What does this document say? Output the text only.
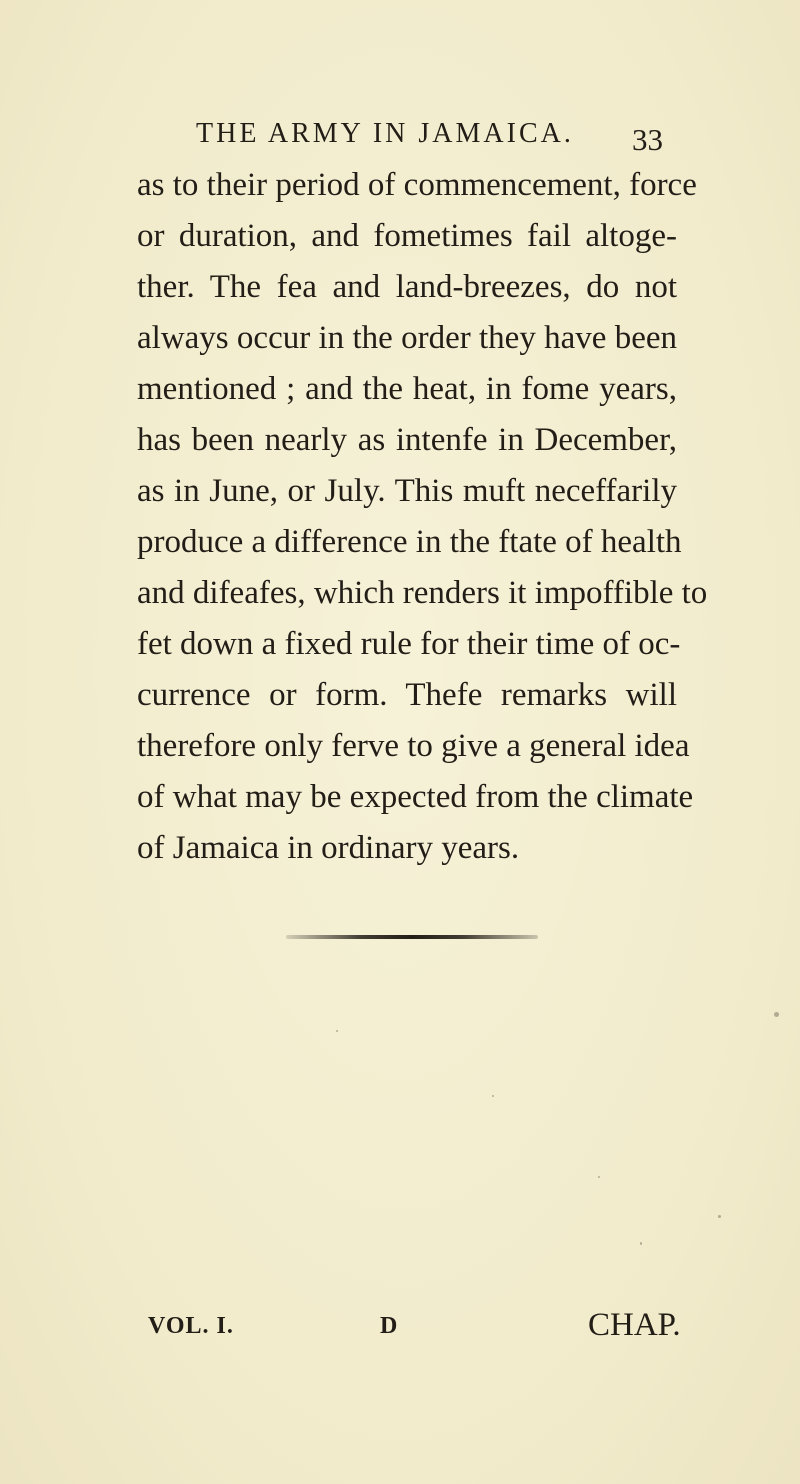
THE ARMY IN JAMAICA. 33
as to their period of commencement, force
or duration, and fometimes fail altoge-
ther. The fea and land-breezes, do not
always occur in the order they have been
mentioned ; and the heat, in fome years,
has been nearly as intenfe in December,
as in June, or July. This muft neceffarily
produce a difference in the ftate of health
and difeafes, which renders it impoffible to
fet down a fixed rule for their time of oc-
currence or form. Thefe remarks will
therefore only ferve to give a general idea
of what may be expected from the climate
of Jamaica in ordinary years.
VOL. I.	D	CHAP.
